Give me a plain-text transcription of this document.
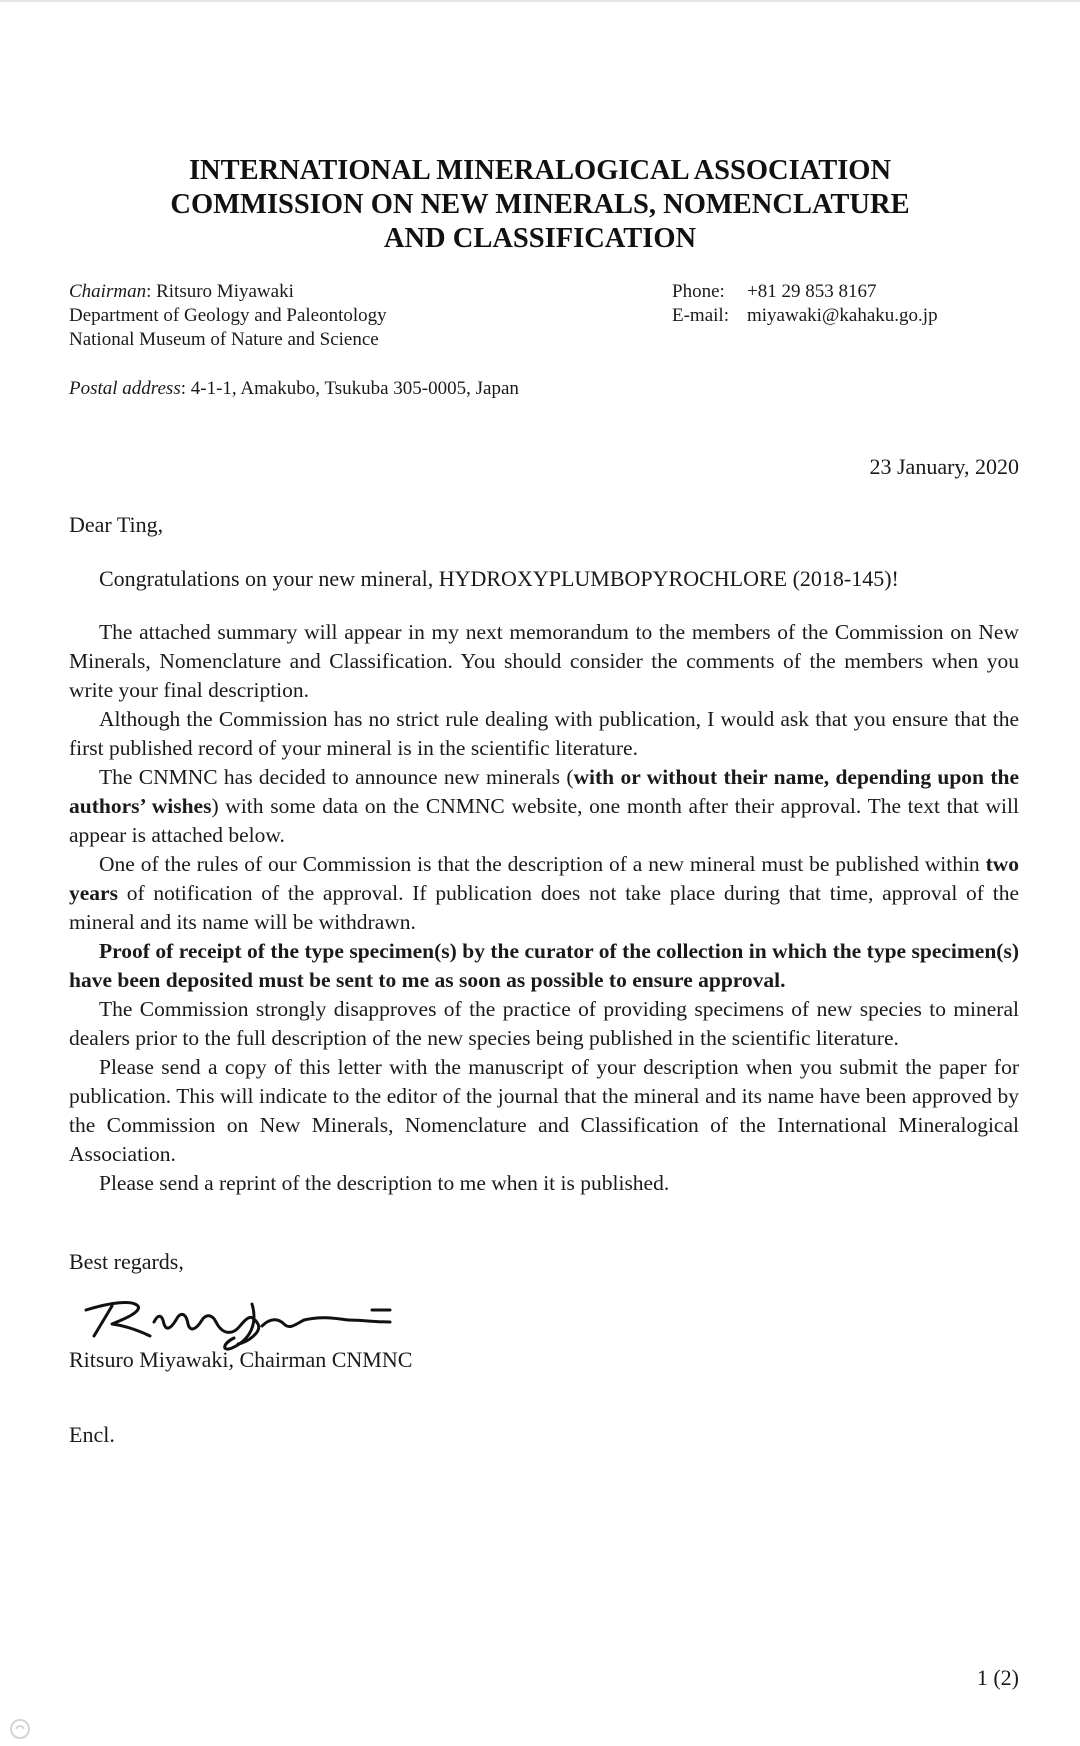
INTERNATIONAL MINERALOGICAL ASSOCIATION
COMMISSION ON NEW MINERALS, NOMENCLATURE
AND CLASSIFICATION
Chairman: Ritsuro Miyawaki
Department of Geology and Paleontology
National Museum of Nature and Science
Phone: +81 29 853 8167
E-mail: miyawaki@kahaku.go.jp
Postal address: 4-1-1, Amakubo, Tsukuba 305-0005, Japan
23 January, 2020
Dear Ting,
Congratulations on your new mineral, HYDROXYPLUMBOPYROCHLORE (2018-145)!

The attached summary will appear in my next memorandum to the members of the Commission on New Minerals, Nomenclature and Classification. You should consider the comments of the members when you write your final description.

Although the Commission has no strict rule dealing with publication, I would ask that you ensure that the first published record of your mineral is in the scientific literature.

The CNMNC has decided to announce new minerals (with or without their name, depending upon the authors’ wishes) with some data on the CNMNC website, one month after their approval. The text that will appear is attached below.

One of the rules of our Commission is that the description of a new mineral must be published within two years of notification of the approval. If publication does not take place during that time, approval of the mineral and its name will be withdrawn.

Proof of receipt of the type specimen(s) by the curator of the collection in which the type specimen(s) have been deposited must be sent to me as soon as possible to ensure approval.

The Commission strongly disapproves of the practice of providing specimens of new species to mineral dealers prior to the full description of the new species being published in the scientific literature.

Please send a copy of this letter with the manuscript of your description when you submit the paper for publication. This will indicate to the editor of the journal that the mineral and its name have been approved by the Commission on New Minerals, Nomenclature and Classification of the International Mineralogical Association.

Please send a reprint of the description to me when it is published.

Best regards,
Ritsuro Miyawaki, Chairman CNMNC
Encl.
1 (2)
